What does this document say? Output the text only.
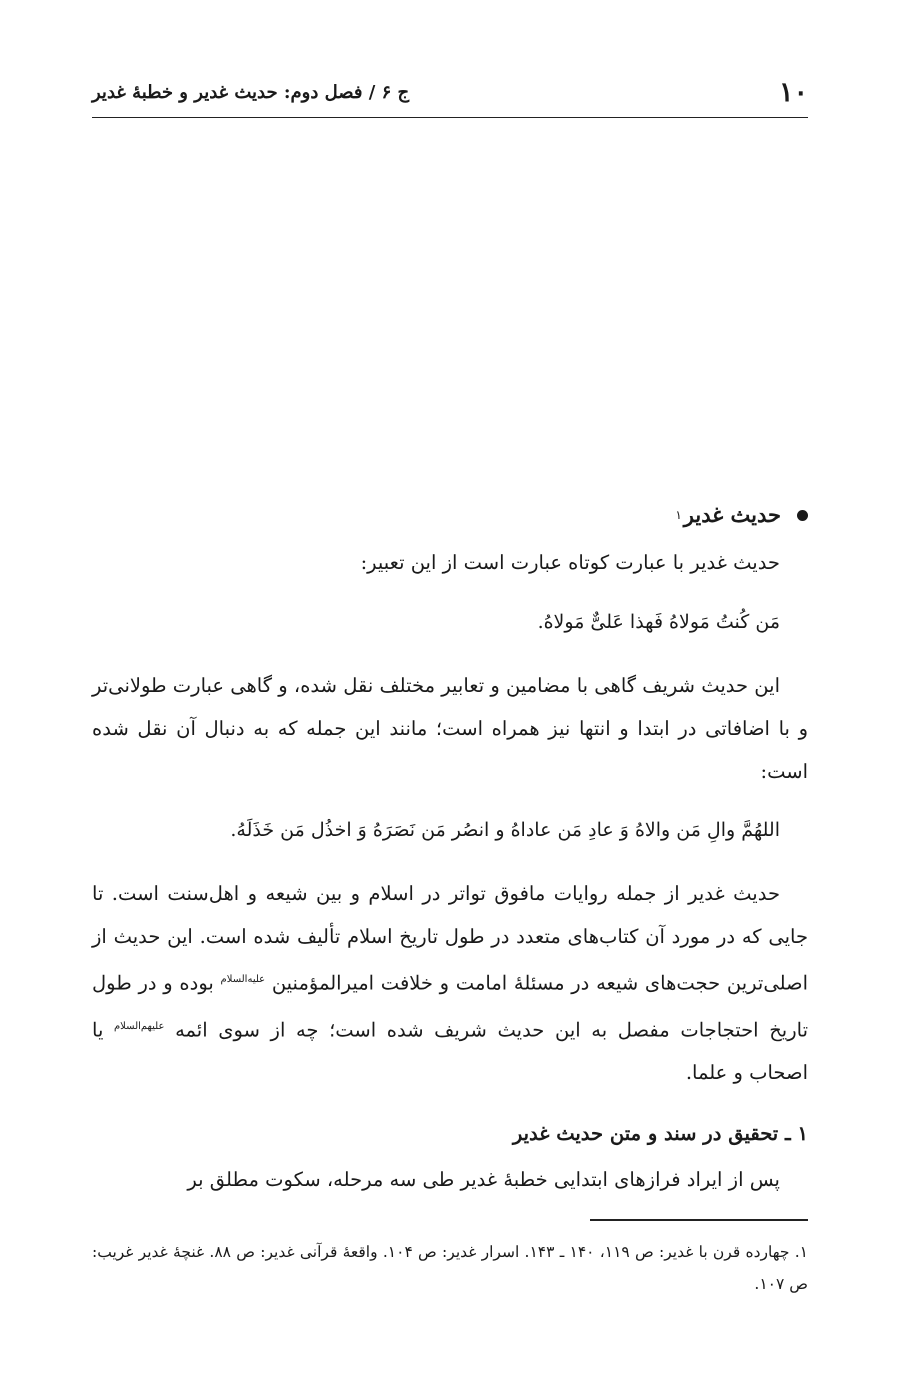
۱۰
ج ۶ / فصل دوم: حدیث غدیر و خطبهٔ غدیر
حدیث غدیر
۱

حدیث غدیر با عبارت کوتاه عبارت است از این تعبیر:

مَن کُنتُ مَولاهُ فَهذا عَلیٌّ مَولاهُ.

این حدیث شریف گاهی با مضامین و تعابیر مختلف نقل شده، و گاهی عبارت طولانی‌تر و با اضافاتی در ابتدا و انتها نیز همراه است؛ مانند این جمله که به دنبال آن نقل شده است:

اللهُمَّ والِ مَن والاهُ وَ عادِ مَن عاداهُ و انصُر مَن نَصَرَهُ وَ اخذُل مَن خَذَلَهُ.

حدیث غدیر از جمله روایات مافوق تواتر در اسلام و بین شیعه و اهل‌سنت است. تا جایی که در مورد آن کتاب‌های متعدد در طول تاریخ اسلام تألیف شده است. این حدیث از اصلی‌ترین حجت‌های شیعه در مسئلهٔ امامت و خلافت امیرالمؤمنین $^{علیه‌السلام}$ بوده و در طول تاریخ احتجاجات مفصل به این حدیث شریف شده است؛ چه از سوی ائمه $^{علیهم‌السلام}$ یا اصحاب و علما.

۱ ـ تحقیق در سند و متن حدیث غدیر

پس از ایراد فرازهای ابتدایی خطبهٔ غدیر طی سه مرحله، سکوت مطلق بر

۱. چهارده قرن با غدیر: ص ۱۱۹، ۱۴۰ ـ ۱۴۳. اسرار غدیر: ص ۱۰۴. واقعهٔ قرآنی غدیر: ص ۸۸. غنچهٔ غدیر غریب: ص ۱۰۷.
